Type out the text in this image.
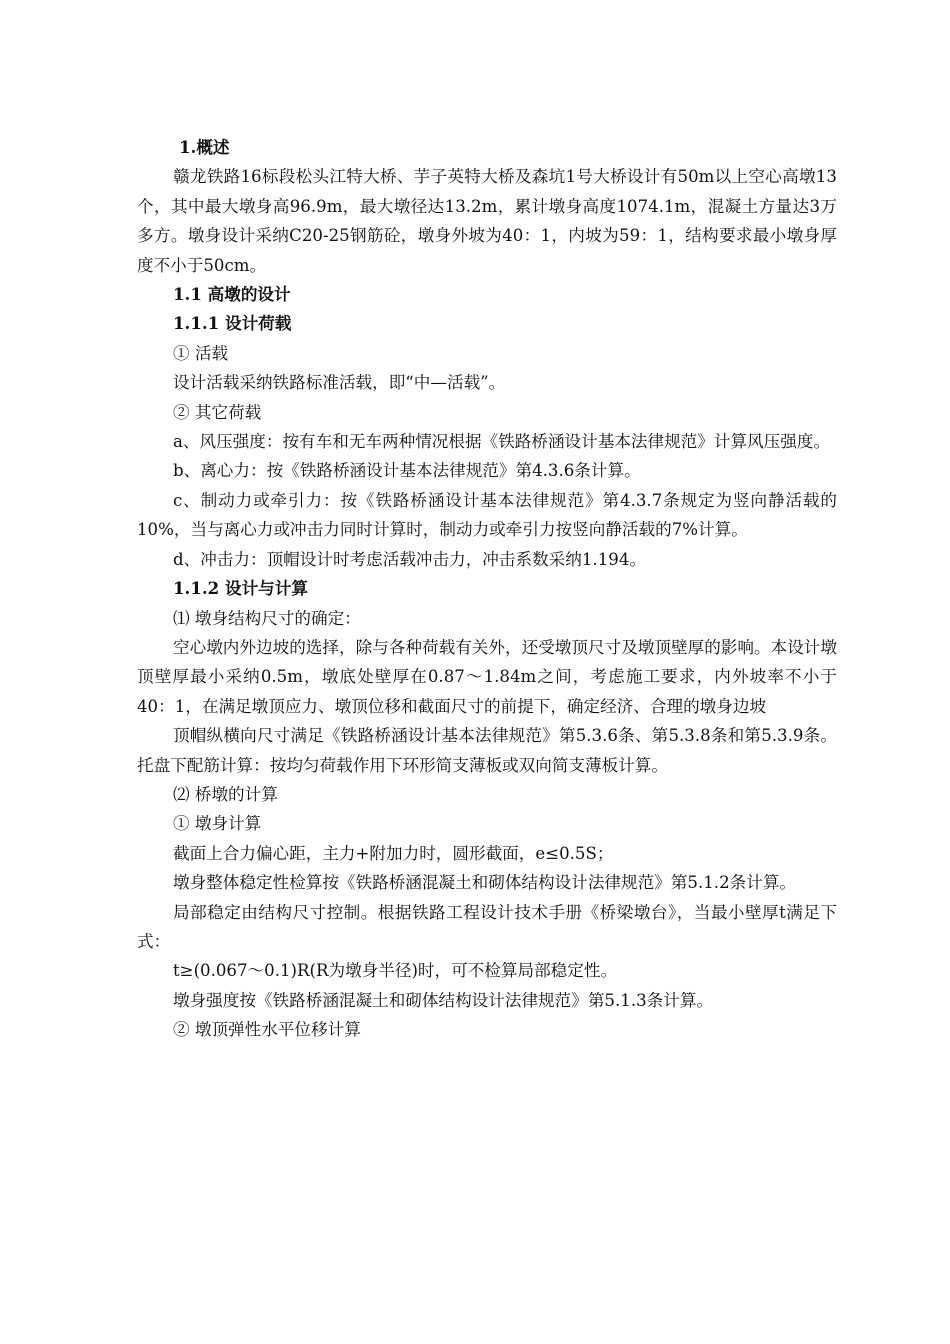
1.概述

赣龙铁路16标段松头江特大桥、芋子英特大桥及森坑1号大桥设计有50m以上空心高墩13个，其中最大墩身高96.9m，最大墩径达13.2m，累计墩身高度1074.1m，混凝土方量达3万多方。墩身设计采纳C20-25钢筋砼，墩身外坡为40：1，内坡为59：1，结构要求最小墩身厚度不小于50cm。

1.1 高墩的设计

1.1.1 设计荷载

① 活载

设计活载采纳铁路标准活载，即“中—活载”。

② 其它荷载

a、风压强度：按有车和无车两种情况根据《铁路桥涵设计基本法律规范》计算风压强度。

b、离心力：按《铁路桥涵设计基本法律规范》第4.3.6条计算。

c、制动力或牵引力：按《铁路桥涵设计基本法律规范》第4.3.7条规定为竖向静活载的10%，当与离心力或冲击力同时计算时，制动力或牵引力按竖向静活载的7%计算。

d、冲击力：顶帽设计时考虑活载冲击力，冲击系数采纳1.194。

1.1.2 设计与计算

⑴ 墩身结构尺寸的确定：

空心墩内外边坡的选择，除与各种荷载有关外，还受墩顶尺寸及墩顶壁厚的影响。本设计墩顶壁厚最小采纳0.5m，墩底处壁厚在0.87～1.84m之间，考虑施工要求，内外坡率不小于40：1，在满足墩顶应力、墩顶位移和截面尺寸的前提下，确定经济、合理的墩身边坡

顶帽纵横向尺寸满足《铁路桥涵设计基本法律规范》第5.3.6条、第5.3.8条和第5.3.9条。托盘下配筋计算：按均匀荷载作用下环形简支薄板或双向简支薄板计算。

⑵ 桥墩的计算

① 墩身计算

截面上合力偏心距，主力+附加力时，圆形截面，e≤0.5S；

墩身整体稳定性检算按《铁路桥涵混凝土和砌体结构设计法律规范》第5.1.2条计算。

局部稳定由结构尺寸控制。根据铁路工程设计技术手册《桥梁墩台》，当最小壁厚t满足下式：

t≥(0.067～0.1)R(R为墩身半径)时，可不检算局部稳定性。

墩身强度按《铁路桥涵混凝土和砌体结构设计法律规范》第5.1.3条计算。

② 墩顶弹性水平位移计算
